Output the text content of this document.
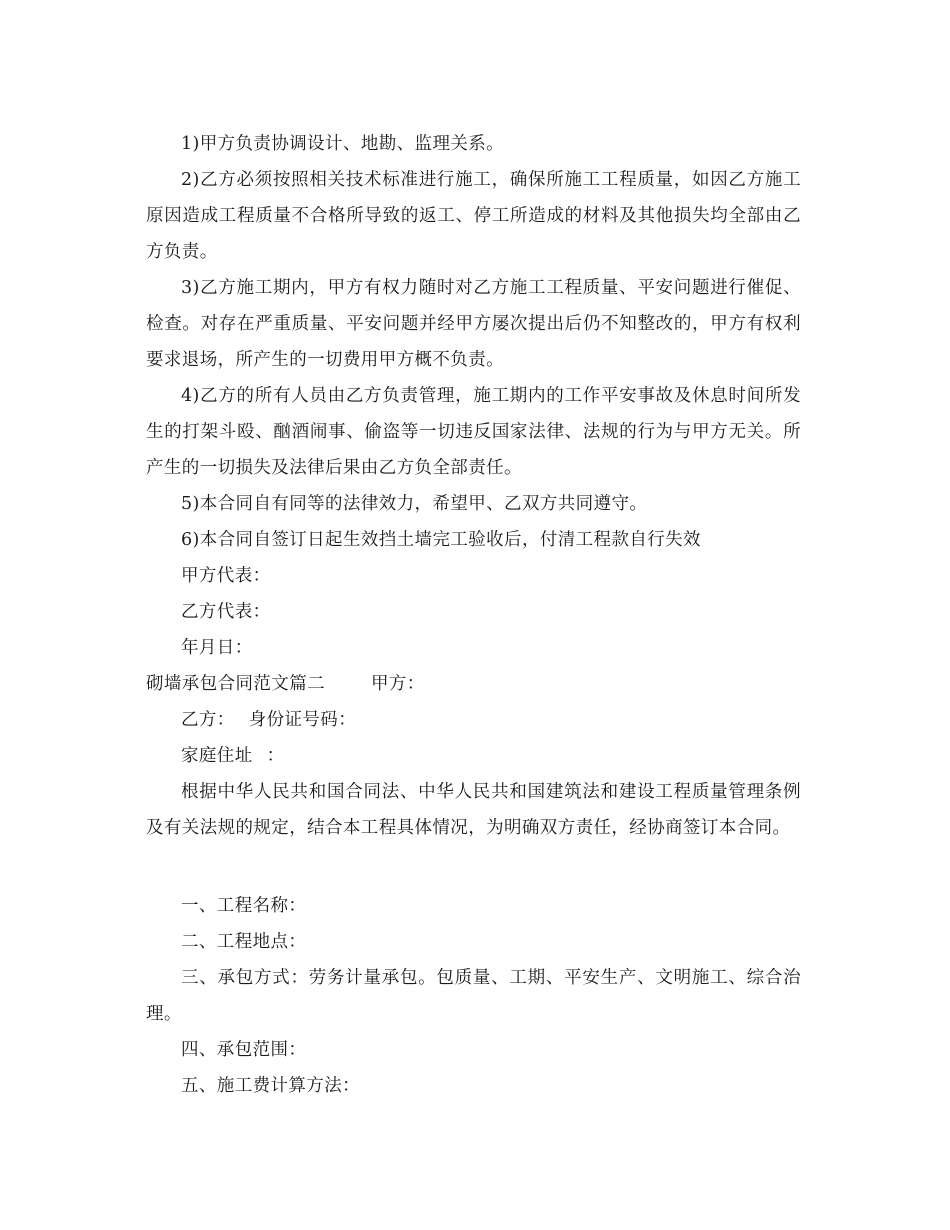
1)甲方负责协调设计、地勘、监理关系。

2)乙方必须按照相关技术标准进行施工，确保所施工工程质量，如因乙方施工原因造成工程质量不合格所导致的返工、停工所造成的材料及其他损失均全部由乙方负责。

3)乙方施工期内，甲方有权力随时对乙方施工工程质量、平安问题进行催促、检查。对存在严重质量、平安问题并经甲方屡次提出后仍不知整改的，甲方有权利要求退场，所产生的一切费用甲方概不负责。

4)乙方的所有人员由乙方负责管理，施工期内的工作平安事故及休息时间所发生的打架斗殴、酗酒闹事、偷盗等一切违反国家法律、法规的行为与甲方无关。所产生的一切损失及法律后果由乙方负全部责任。

5)本合同自有同等的法律效力，希望甲、乙双方共同遵守。

6)本合同自签订日起生效挡土墙完工验收后，付清工程款自行失效

甲方代表：

乙方代表：

年月日：

砌墙承包合同范文篇二	甲方：

乙方： 身份证号码：

家庭住址 ：

根据中华人民共和国合同法、中华人民共和国建筑法和建设工程质量管理条例及有关法规的规定，结合本工程具体情况，为明确双方责任，经协商签订本合同。

一、工程名称：

二、工程地点：

三、承包方式：劳务计量承包。包质量、工期、平安生产、文明施工、综合治理。

四、承包范围：

五、施工费计算方法：
